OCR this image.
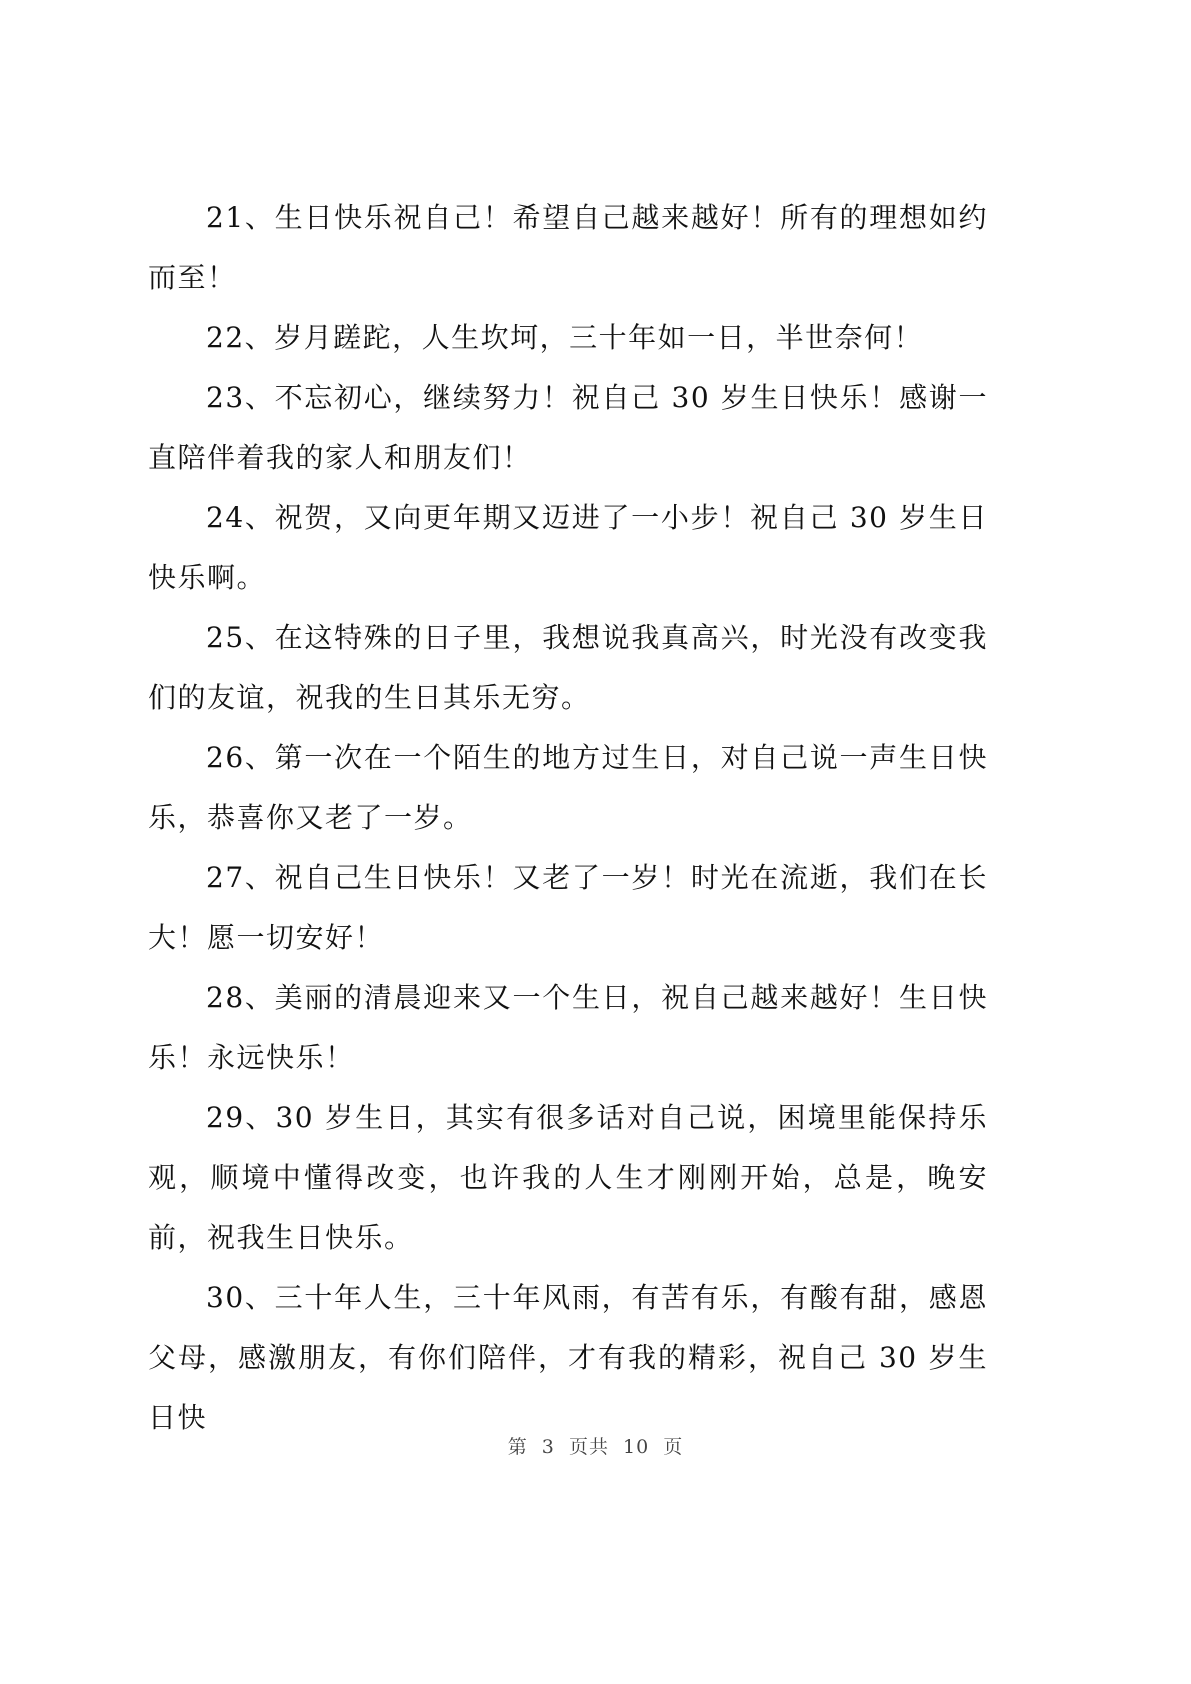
21、生日快乐祝自己！希望自己越来越好！所有的理想如约而至！

22、岁月蹉跎，人生坎坷，三十年如一日，半世奈何！

23、不忘初心，继续努力！祝自己 30 岁生日快乐！感谢一直陪伴着我的家人和朋友们！

24、祝贺，又向更年期又迈进了一小步！祝自己 30 岁生日快乐啊。

25、在这特殊的日子里，我想说我真高兴，时光没有改变我们的友谊，祝我的生日其乐无穷。

26、第一次在一个陌生的地方过生日，对自己说一声生日快乐，恭喜你又老了一岁。

27、祝自己生日快乐！又老了一岁！时光在流逝，我们在长大！愿一切安好！

28、美丽的清晨迎来又一个生日，祝自己越来越好！生日快乐！永远快乐！

29、30 岁生日，其实有很多话对自己说，困境里能保持乐观，顺境中懂得改变，也许我的人生才刚刚开始，总是，晚安前，祝我生日快乐。

30、三十年人生，三十年风雨，有苦有乐，有酸有甜，感恩父母，感激朋友，有你们陪伴，才有我的精彩，祝自己 30 岁生日快

第  3  页共  10  页
